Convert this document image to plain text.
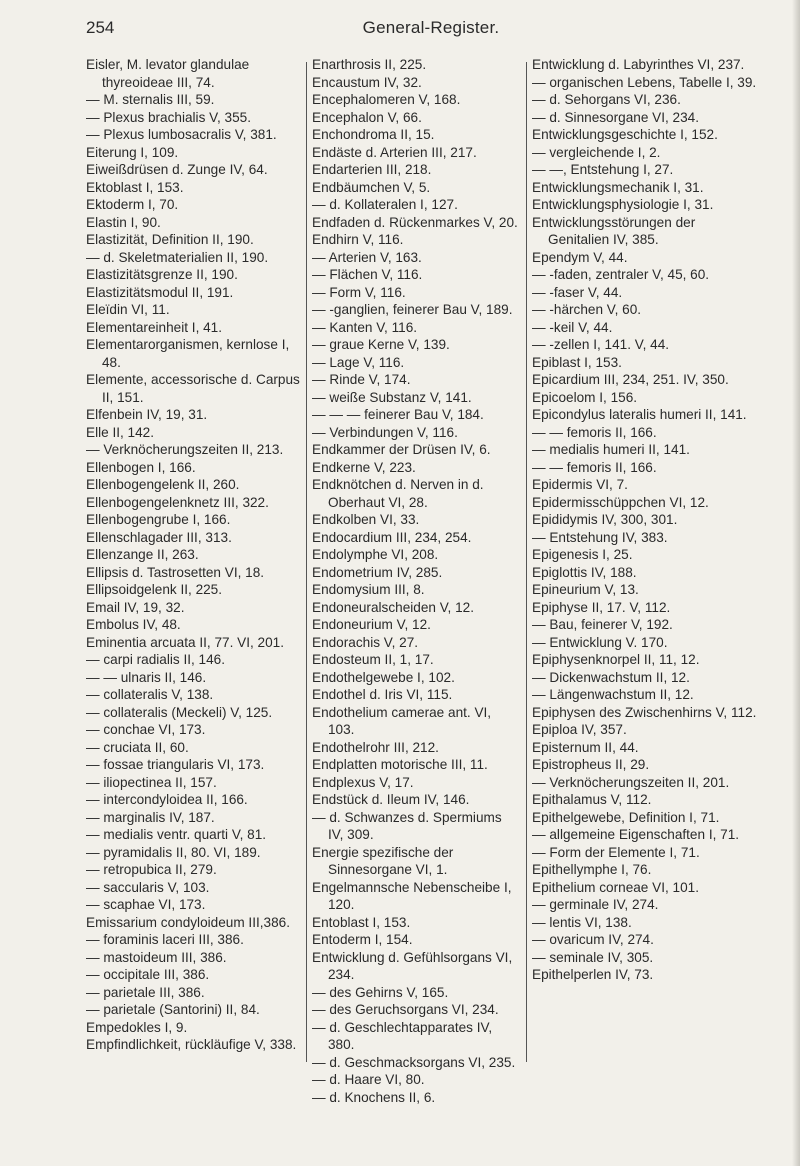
254	General-Register.

Eisler, M. levator glandulae thyreoideae III, 74.

— M. sternalis III, 59.

— Plexus brachialis V, 355.

— Plexus lumbosacralis V, 381.

Eiterung I, 109.

Eiweißdrüsen d. Zunge IV, 64.

Ektoblast I, 153.

Ektoderm I, 70.

Elastin I, 90.

Elastizität, Definition II, 190.

— d. Skeletmaterialien II, 190.

Elastizitätsgrenze II, 190.

Elastizitätsmodul II, 191.

Eleïdin VI, 11.

Elementareinheit I, 41.

Elementarorganismen, kernlose I, 48.

Elemente, accessorische d. Carpus II, 151.

Elfenbein IV, 19, 31.

Elle II, 142.

— Verknöcherungszeiten II, 213.

Ellenbogen I, 166.

Ellenbogengelenk II, 260.

Ellenbogengelenknetz III, 322.

Ellenbogengrube I, 166.

Ellenschlagader III, 313.

Ellenzange II, 263.

Ellipsis d. Tastrosetten VI, 18.

Ellipsoidgelenk II, 225.

Email IV, 19, 32.

Embolus IV, 48.

Eminentia arcuata II, 77. VI, 201.

— carpi radialis II, 146.

— — ulnaris II, 146.

— collateralis V, 138.

— collateralis (Meckeli) V, 125.

— conchae VI, 173.

— cruciata II, 60.

— fossae triangularis VI, 173.

— iliopectinea II, 157.

— intercondyloidea II, 166.

— marginalis IV, 187.

— medialis ventr. quarti V, 81.

— pyramidalis II, 80. VI, 189.

— retropubica II, 279.

— saccularis V, 103.

— scaphae VI, 173.

Emissarium condyloideum III,386.

— foraminis laceri III, 386.

— mastoideum III, 386.

— occipitale III, 386.

— parietale III, 386.

— parietale (Santorini) II, 84.

Empedokles I, 9.

Empfindlichkeit, rückläufige V, 338.

Enarthrosis II, 225.

Encaustum IV, 32.

Encephalomeren V, 168.

Encephalon V, 66.

Enchondroma II, 15.

Endäste d. Arterien III, 217.

Endarterien III, 218.

Endbäumchen V, 5.

— d. Kollateralen I, 127.

Endfaden d. Rückenmarkes V, 20.

Endhirn V, 116.

— Arterien V, 163.

— Flächen V, 116.

— Form V, 116.

— -ganglien, feinerer Bau V, 189.

— Kanten V, 116.

— graue Kerne V, 139.

— Lage V, 116.

— Rinde V, 174.

— weiße Substanz V, 141.

— — — feinerer Bau V, 184.

— Verbindungen V, 116.

Endkammer der Drüsen IV, 6.

Endkerne V, 223.

Endknötchen d. Nerven in d. Oberhaut VI, 28.

Endkolben VI, 33.

Endocardium III, 234, 254.

Endolymphe VI, 208.

Endometrium IV, 285.

Endomysium III, 8.

Endoneuralscheiden V, 12.

Endoneurium V, 12.

Endorachis V, 27.

Endosteum II, 1, 17.

Endothelgewebe I, 102.

Endothel d. Iris VI, 115.

Endothelium camerae ant. VI, 103.

Endothelrohr III, 212.

Endplatten motorische III, 11.

Endplexus V, 17.

Endstück d. Ileum IV, 146.

— d. Schwanzes d. Spermiums IV, 309.

Energie spezifische der Sinnesorgane VI, 1.

Engelmannsche Nebenscheibe I, 120.

Entoblast I, 153.

Entoderm I, 154.

Entwicklung d. Gefühlsorgans VI, 234.

— des Gehirns V, 165.

— des Geruchsorgans VI, 234.

— d. Geschlechtapparates IV, 380.

— d. Geschmacksorgans VI, 235.

— d. Haare VI, 80.

— d. Knochens II, 6.

Entwicklung d. Labyrinthes VI, 237.

— organischen Lebens, Tabelle I, 39.

— d. Sehorgans VI, 236.

— d. Sinnesorgane VI, 234.

Entwicklungsgeschichte I, 152.

— vergleichende I, 2.

— —, Entstehung I, 27.

Entwicklungsmechanik I, 31.

Entwicklungsphysiologie I, 31.

Entwicklungsstörungen der Genitalien IV, 385.

Ependym V, 44.

— -faden, zentraler V, 45, 60.

— -faser V, 44.

— -härchen V, 60.

— -keil V, 44.

— -zellen I, 141. V, 44.

Epiblast I, 153.

Epicardium III, 234, 251. IV, 350.

Epicoelom I, 156.

Epicondylus lateralis humeri II, 141.

— — femoris II, 166.

— medialis humeri II, 141.

— — femoris II, 166.

Epidermis VI, 7.

Epidermisschüppchen VI, 12.

Epididymis IV, 300, 301.

— Entstehung IV, 383.

Epigenesis I, 25.

Epiglottis IV, 188.

Epineurium V, 13.

Epiphyse II, 17. V, 112.

— Bau, feinerer V, 192.

— Entwicklung V. 170.

Epiphysenknorpel II, 11, 12.

— Dickenwachstum II, 12.

— Längenwachstum II, 12.

Epiphysen des Zwischenhirns V, 112.

Epiploa IV, 357.

Episternum II, 44.

Epistropheus II, 29.

— Verknöcherungszeiten II, 201.

Epithalamus V, 112.

Epithelgewebe, Definition I, 71.

— allgemeine Eigenschaften I, 71.

— Form der Elemente I, 71.

Epithellymphe I, 76.

Epithelium corneae VI, 101.

— germinale IV, 274.

— lentis VI, 138.

— ovaricum IV, 274.

— seminale IV, 305.

Epithelperlen IV, 73.
